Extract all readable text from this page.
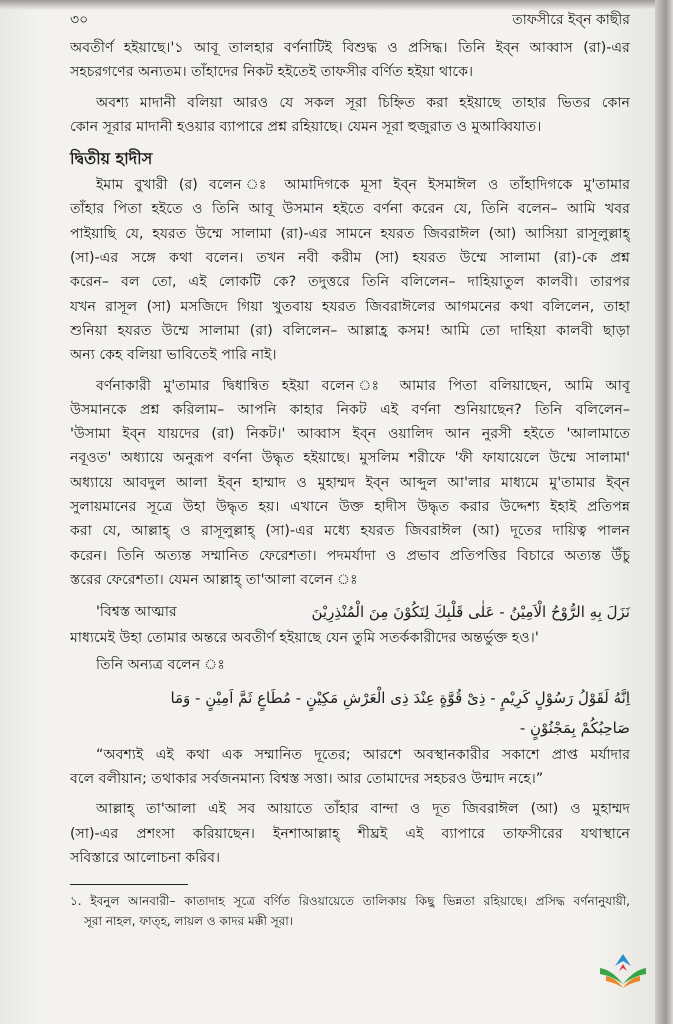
৩০	তাফসীরে ইব্ন কাছীর
অবতীর্ণ হইয়াছে।'১ আবূ তালহার বর্ণনাটিই বিশুদ্ধ ও প্রসিদ্ধ। তিনি ইব্ন আব্বাস (রা)-এর
সহচরগণের অন্যতম। তাঁহাদের নিকট হইতেই তাফসীর বর্ণিত হইয়া থাকে।
অবশ্য মাদানী বলিয়া আরও যে সকল সূরা চিহ্নিত করা হইয়াছে তাহার ভিতর কোন
কোন সূরার মাদানী হওয়ার ব্যাপারে প্রশ্ন রহিয়াছে। যেমন সূরা হুজুরাত ও মুআব্বিযাত।
দ্বিতীয় হাদীস
ইমাম বুখারী (র) বলেন ঃ আমাদিগকে মূসা ইব্ন ইসমাঈল ও তাঁহাদিগকে মু'তামার
তাঁহার পিতা হইতে ও তিনি আবূ উসমান হইতে বর্ণনা করেন যে, তিনি বলেন– আমি খবর
পাইয়াছি যে, হযরত উম্মে সালামা (রা)-এর সামনে হযরত জিবরাঈল (আ) আসিয়া রাসূলুল্লাহ্
(সা)-এর সঙ্গে কথা বলেন। তখন নবী করীম (সা) হযরত উম্মে সালামা (রা)-কে প্রশ্ন
করেন– বল তো, এই লোকটি কে? তদুত্তরে তিনি বলিলেন– দাহিয়াতুল কালবী। তারপর
যখন রাসূল (সা) মসজিদে গিয়া খুতবায় হযরত জিবরাঈলের আগমনের কথা বলিলেন, তাহা
শুনিয়া হযরত উম্মে সালামা (রা) বলিলেন– আল্লাহ্র কসম! আমি তো দাহিয়া কালবী ছাড়া
অন্য কেহ বলিয়া ভাবিতেই পারি নাই।
বর্ণনাকারী মু'তামার দ্বিধান্বিত হইয়া বলেন ঃ আমার পিতা বলিয়াছেন, আমি আবূ
উসমানকে প্রশ্ন করিলাম– আপনি কাহার নিকট এই বর্ণনা শুনিয়াছেন? তিনি বলিলেন–
'উসামা ইব্ন যায়দের (রা) নিকট।' আব্বাস ইব্ন ওয়ালিদ আন নুরসী হইতে 'আলামাতে
নবূওত' অধ্যায়ে অনুরূপ বর্ণনা উদ্ধৃত হইয়াছে। মুসলিম শরীফে 'ফী ফাযায়েলে উম্মে সালামা'
অধ্যায়ে আবদুল আলা ইব্ন হাম্মাদ ও মুহাম্মদ ইব্ন আব্দুল আ'লার মাধ্যমে মু'তামার ইব্ন
সুলায়মানের সূত্রে উহা উদ্ধৃত হয়। এখানে উক্ত হাদীস উদ্ধৃত করার উদ্দেশ্য ইহাই প্রতিপন্ন
করা যে, আল্লাহ্ ও রাসূলুল্লাহ্ (সা)-এর মধ্যে হযরত জিবরাঈল (আ) দূতের দায়িত্ব পালন
করেন। তিনি অত্যন্ত সম্মানিত ফেরেশতা। পদমর্যাদা ও প্রভাব প্রতিপত্তির বিচারে অত্যন্ত উঁচু
স্তরের ফেরেশতা। যেমন আল্লাহ্ তা'আলা বলেন ঃ
'বিশ্বস্ত আত্মার	نَزَلَ بِهِ الرُّوْحُ الْاَمِيْنُ - عَلٰى قَلْبِكَ لِتَكُوْنَ مِنَ الْمُنْذِرِيْنَ
মাধ্যমেই উহা তোমার অন্তরে অবতীর্ণ হইয়াছে যেন তুমি সতর্ককারীদের অন্তর্ভুক্ত হও।'
তিনি অন্যত্র বলেন ঃ
اِنَّهُ لَقَوْلُ رَسُوْلٍ كَرِيْمٍ - ذِىْ قُوَّةٍ عِنْدَ ذِى الْعَرْشِ مَكِيْنٍ - مُطَاعٍ ثَمَّ اَمِيْنٍ - وَمَا
صَاحِبُكُمْ بِمَجْنُوْنٍ -
“অবশ্যই এই কথা এক সম্মানিত দূতের; আরশে অবস্থানকারীর সকাশে প্রাপ্ত মর্যাদার
বলে বলীয়ান; তথাকার সর্বজনমান্য বিশ্বস্ত সত্তা। আর তোমাদের সহচরও উন্মাদ নহে।”
আল্লাহ্ তা'আলা এই সব আয়াতে তাঁহার বান্দা ও দূত জিবরাঈল (আ) ও মুহাম্মদ
(সা)-এর প্রশংসা করিয়াছেন। ইনশাআল্লাহ্ শীঘ্রই এই ব্যাপারে তাফসীরের যথাস্থানে
সবিস্তারে আলোচনা করিব।
১. ইবনুল আনবারী– কাতাদাহ সূত্রে বর্ণিত রিওয়ায়েতে তালিকায় কিছু ভিন্নতা রহিয়াছে। প্রসিদ্ধ বর্ণনানুযায়ী,
সূরা নাহল, ফাত্হ, লায়ল ও কাদর মক্কী সূরা।
